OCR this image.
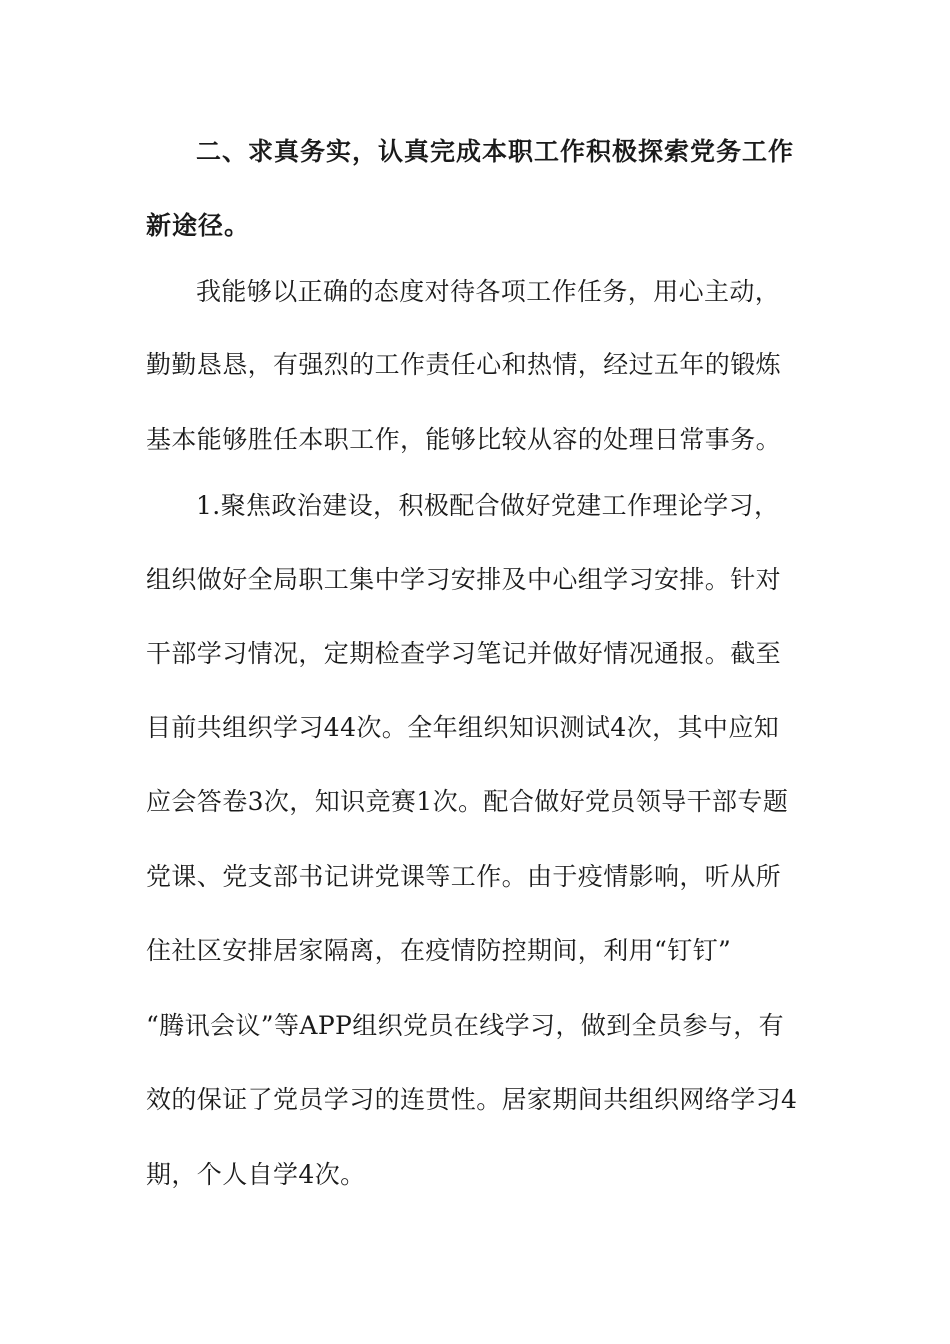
二、求真务实，认真完成本职工作积极探索党务工作
新途径。
我能够以正确的态度对待各项工作任务，用心主动，
勤勤恳恳，有强烈的工作责任心和热情，经过五年的锻炼
基本能够胜任本职工作，能够比较从容的处理日常事务。
1.聚焦政治建设，积极配合做好党建工作理论学习，
组织做好全局职工集中学习安排及中心组学习安排。针对
干部学习情况，定期检查学习笔记并做好情况通报。截至
目前共组织学习44次。全年组织知识测试4次，其中应知
应会答卷3次，知识竞赛1次。配合做好党员领导干部专题
党课、党支部书记讲党课等工作。由于疫情影响，听从所
住社区安排居家隔离，在疫情防控期间，利用“钉钉”
“腾讯会议”等APP组织党员在线学习，做到全员参与，有
效的保证了党员学习的连贯性。居家期间共组织网络学习4
期，个人自学4次。
